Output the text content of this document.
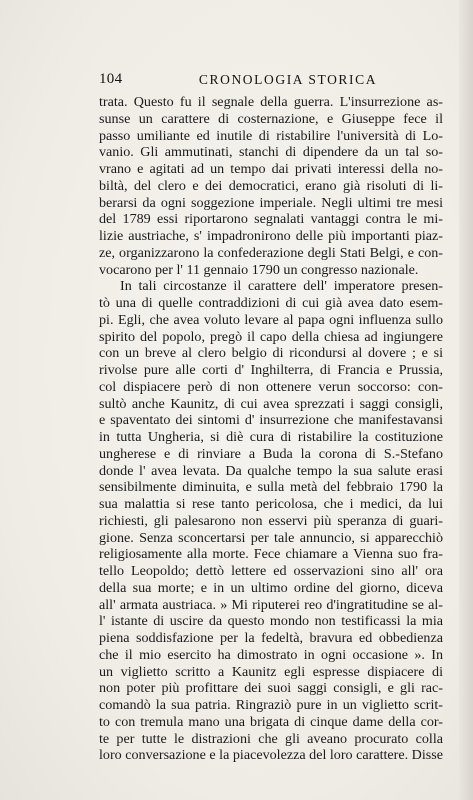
104	CRONOLOGIA STORICA
trata. Questo fu il segnale della guerra. L'insurrezione as-
sunse un carattere di costernazione, e Giuseppe fece il
passo umiliante ed inutile di ristabilire l'università di Lo-
vanio. Gli ammutinati, stanchi di dipendere da un tal so-
vrano e agitati ad un tempo dai privati interessi della no-
biltà, del clero e dei democratici, erano già risoluti di li-
berarsi da ogni soggezione imperiale. Negli ultimi tre mesi
del 1789 essi riportarono segnalati vantaggi contra le mi-
lizie austriache, s' impadronirono delle più importanti piaz-
ze, organizzarono la confederazione degli Stati Belgi, e con-
vocarono per l' 11 gennaio 1790 un congresso nazionale.
In tali circostanze il carattere dell' imperatore presen-
tò una di quelle contraddizioni di cui già avea dato esem-
pi. Egli, che avea voluto levare al papa ogni influenza sullo
spirito del popolo, pregò il capo della chiesa ad ingiungere
con un breve al clero belgio di ricondursi al dovere ; e si
rivolse pure alle corti d' Inghilterra, di Francia e Prussia,
col dispiacere però di non ottenere verun soccorso: con-
sultò anche Kaunitz, di cui avea sprezzati i saggi consigli,
e spaventato dei sintomi d' insurrezione che manifestavansi
in tutta Ungheria, si diè cura di ristabilire la costituzione
ungherese e di rinviare a Buda la corona di S.-Stefano
donde l' avea levata. Da qualche tempo la sua salute erasi
sensibilmente diminuita, e sulla metà del febbraio 1790 la
sua malattia si rese tanto pericolosa, che i medici, da lui
richiesti, gli palesarono non esservi più speranza di guari-
gione. Senza sconcertarsi per tale annuncio, si apparecchiò
religiosamente alla morte. Fece chiamare a Vienna suo fra-
tello Leopoldo; dettò lettere ed osservazioni sino all' ora
della sua morte; e in un ultimo ordine del giorno, diceva
all' armata austriaca. » Mi riputerei reo d'ingratitudine se al-
l' istante di uscire da questo mondo non testificassi la mia
piena soddisfazione per la fedeltà, bravura ed obbedienza
che il mio esercito ha dimostrato in ogni occasione ». In
un viglietto scritto a Kaunitz egli espresse dispiacere di
non poter più profittare dei suoi saggi consigli, e gli rac-
comandò la sua patria. Ringraziò pure in un viglietto scrit-
to con tremula mano una brigata di cinque dame della cor-
te per tutte le distrazioni che gli aveano procurato colla
loro conversazione e la piacevolezza del loro carattere. Disse
